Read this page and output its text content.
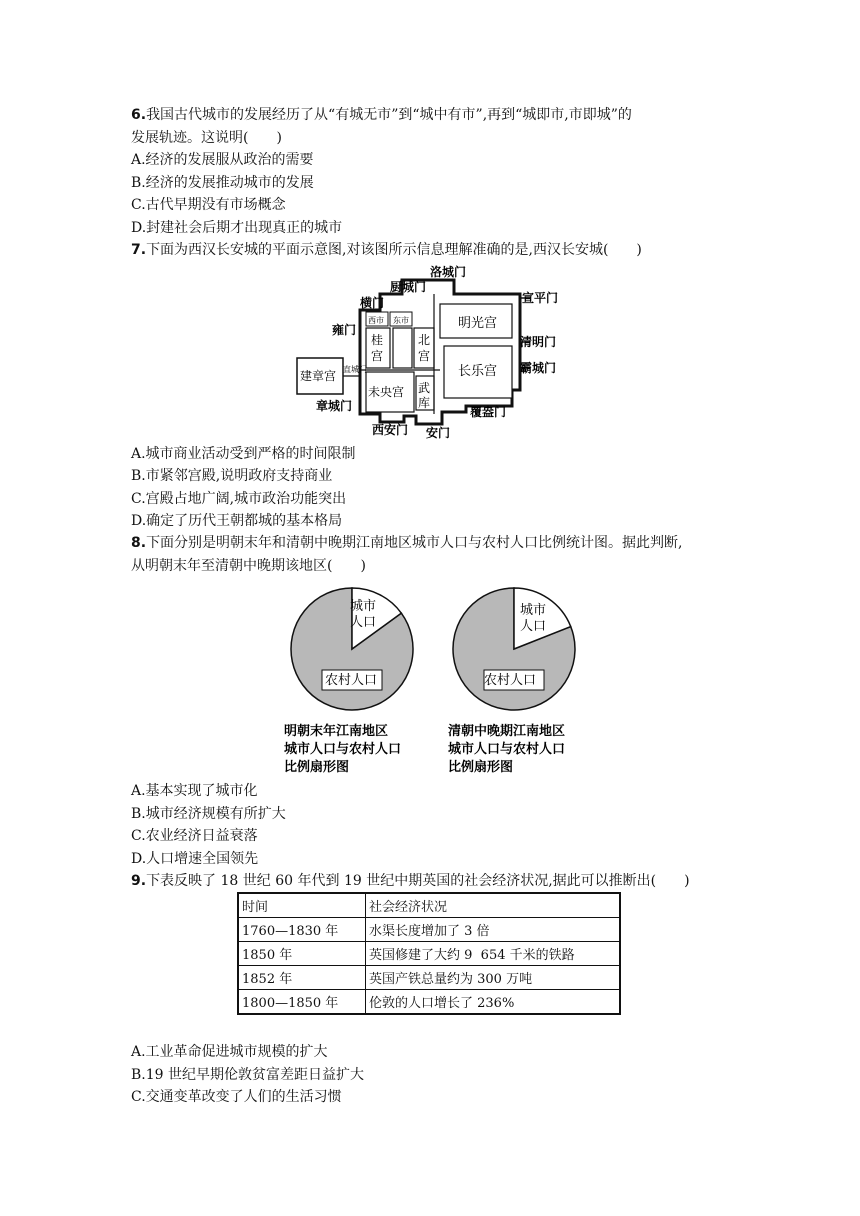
6.我国古代城市的发展经历了从“有城无市”到“城中有市”,再到“城即市,市即城”的
发展轨迹。这说明(　　)
A.经济的发展服从政治的需要
B.经济的发展推动城市的发展
C.古代早期没有市场概念
D.封建社会后期才出现真正的城市
7.下面为西汉长安城的平面示意图,对该图所示信息理解准确的是,西汉长安城(　　)
洛城门
厨城门
宣平门
横门
西市 东市	明光宫
雍门
桂
宫
北
宫
清明门
建章宫 直城门	长乐宫 霸城门
未央宫 武
库
章城门	覆盎门
西安门 安门
A.城市商业活动受到严格的时间限制
B.市紧邻宫殿,说明政府支持商业
C.宫殿占地广阔,城市政治功能突出
D.确定了历代王朝都城的基本格局
8.下面分别是明朝末年和清朝中晚期江南地区城市人口与农村人口比例统计图。据此判断,
从明朝末年至清朝中晚期该地区(　　)
城市
人口
农村人口
城市
人口
农村人口
明朝末年江南地区
城市人口与农村人口
比例扇形图
清朝中晚期江南地区
城市人口与农村人口
比例扇形图
A.基本实现了城市化
B.城市经济规模有所扩大
C.农业经济日益衰落
D.人口增速全国领先
9.下表反映了 18 世纪 60 年代到 19 世纪中期英国的社会经济状况,据此可以推断出(　　)
时间	社会经济状况
1760—1830 年	水渠长度增加了 3 倍
1850 年	英国修建了大约 9  654 千米的铁路
1852 年	英国产铁总量约为 300 万吨
1800—1850 年	伦敦的人口增长了 236%
A.工业革命促进城市规模的扩大
B.19 世纪早期伦敦贫富差距日益扩大
C.交通变革改变了人们的生活习惯
